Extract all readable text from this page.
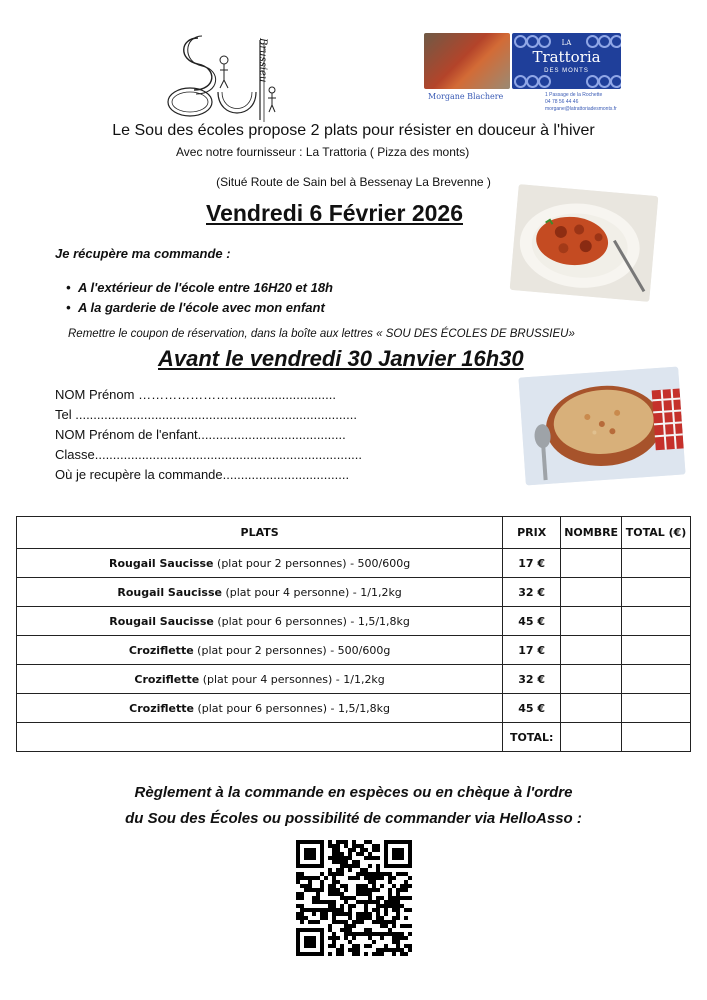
Sou
Brussieu	LA
Trattoria
DES MONTS
Morgane Blachere	1 Passage de la Rochette
04 78 56 44 46
morgane@latrattoriadesmonts.fr
Le Sou des écoles propose 2 plats pour résister en douceur à l'hiver
Avec notre fournisseur : La Trattoria ( Pizza des monts)
(Situé Route de Sain bel à Bessenay La Brevenne )
Vendredi 6 Février 2026
Je récupère ma commande :
• A l'extérieur de l'école entre 16H20 et 18h
• A la garderie de l'école avec mon enfant
Remettre le coupon de réservation, dans la boîte aux lettres « SOU DES ÉCOLES DE BRUSSIEU»
Avant le vendredi 30 Janvier 16h30
NOM Prénom ……………………..........................
Tel ..............................................................................
NOM Prénom de l'enfant.........................................
Classe..........................................................................
Où je recupère la commande...................................
PLATS	PRIX	NOMBRE	TOTAL (€)
Rougail Saucisse (plat pour 2 personnes) - 500/600g	17 €		
Rougail Saucisse (plat pour 4 personne) - 1/1,2kg	32 €		
Rougail Saucisse (plat pour 6 personnes) - 1,5/1,8kg	45 €		
Croziflette (plat pour 2 personnes) - 500/600g	17 €		
Croziflette (plat pour 4 personnes) - 1/1,2kg	32 €		
Croziflette (plat pour 6 personnes) - 1,5/1,8kg	45 €		
	TOTAL:		
Règlement à la commande en espèces ou en chèque à l'ordre
du Sou des Écoles ou possibilité de commander via HelloAsso :
